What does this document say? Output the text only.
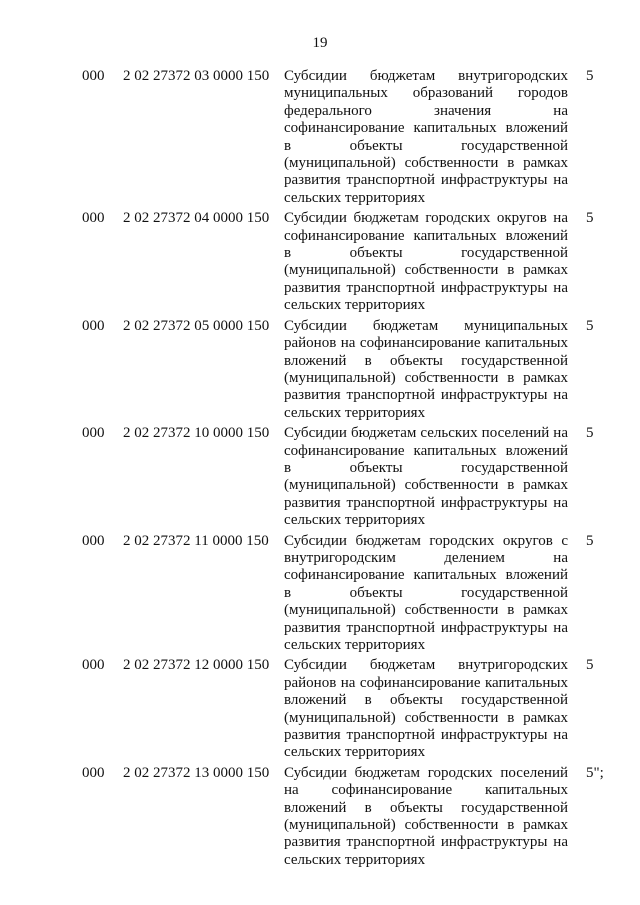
19
000 2 02 27372 03 0000 150 Субсидии бюджетам внутригородских
муниципальных образований городов
федерального значения на
софинансирование капитальных вложений
в объекты государственной
(муниципальной) собственности в рамках
развития транспортной инфраструктуры на
сельских территориях
5
000 2 02 27372 04 0000 150 Субсидии бюджетам городских округов на
софинансирование капитальных вложений
в объекты государственной
(муниципальной) собственности в рамках
развития транспортной инфраструктуры на
сельских территориях
5
000 2 02 27372 05 0000 150 Субсидии бюджетам муниципальных
районов на софинансирование капитальных
вложений в объекты государственной
(муниципальной) собственности в рамках
развития транспортной инфраструктуры на
сельских территориях
5
000 2 02 27372 10 0000 150 Субсидии бюджетам сельских поселений на
софинансирование капитальных вложений
в объекты государственной
(муниципальной) собственности в рамках
развития транспортной инфраструктуры на
сельских территориях
5
000 2 02 27372 11 0000 150 Субсидии бюджетам городских округов с
внутригородским делением на
софинансирование капитальных вложений
в объекты государственной
(муниципальной) собственности в рамках
развития транспортной инфраструктуры на
сельских территориях
5
000 2 02 27372 12 0000 150 Субсидии бюджетам внутригородских
районов на софинансирование капитальных
вложений в объекты государственной
(муниципальной) собственности в рамках
развития транспортной инфраструктуры на
сельских территориях
5
000 2 02 27372 13 0000 150 Субсидии бюджетам городских поселений
на софинансирование капитальных
вложений в объекты государственной
(муниципальной) собственности в рамках
развития транспортной инфраструктуры на
сельских территориях
5";
